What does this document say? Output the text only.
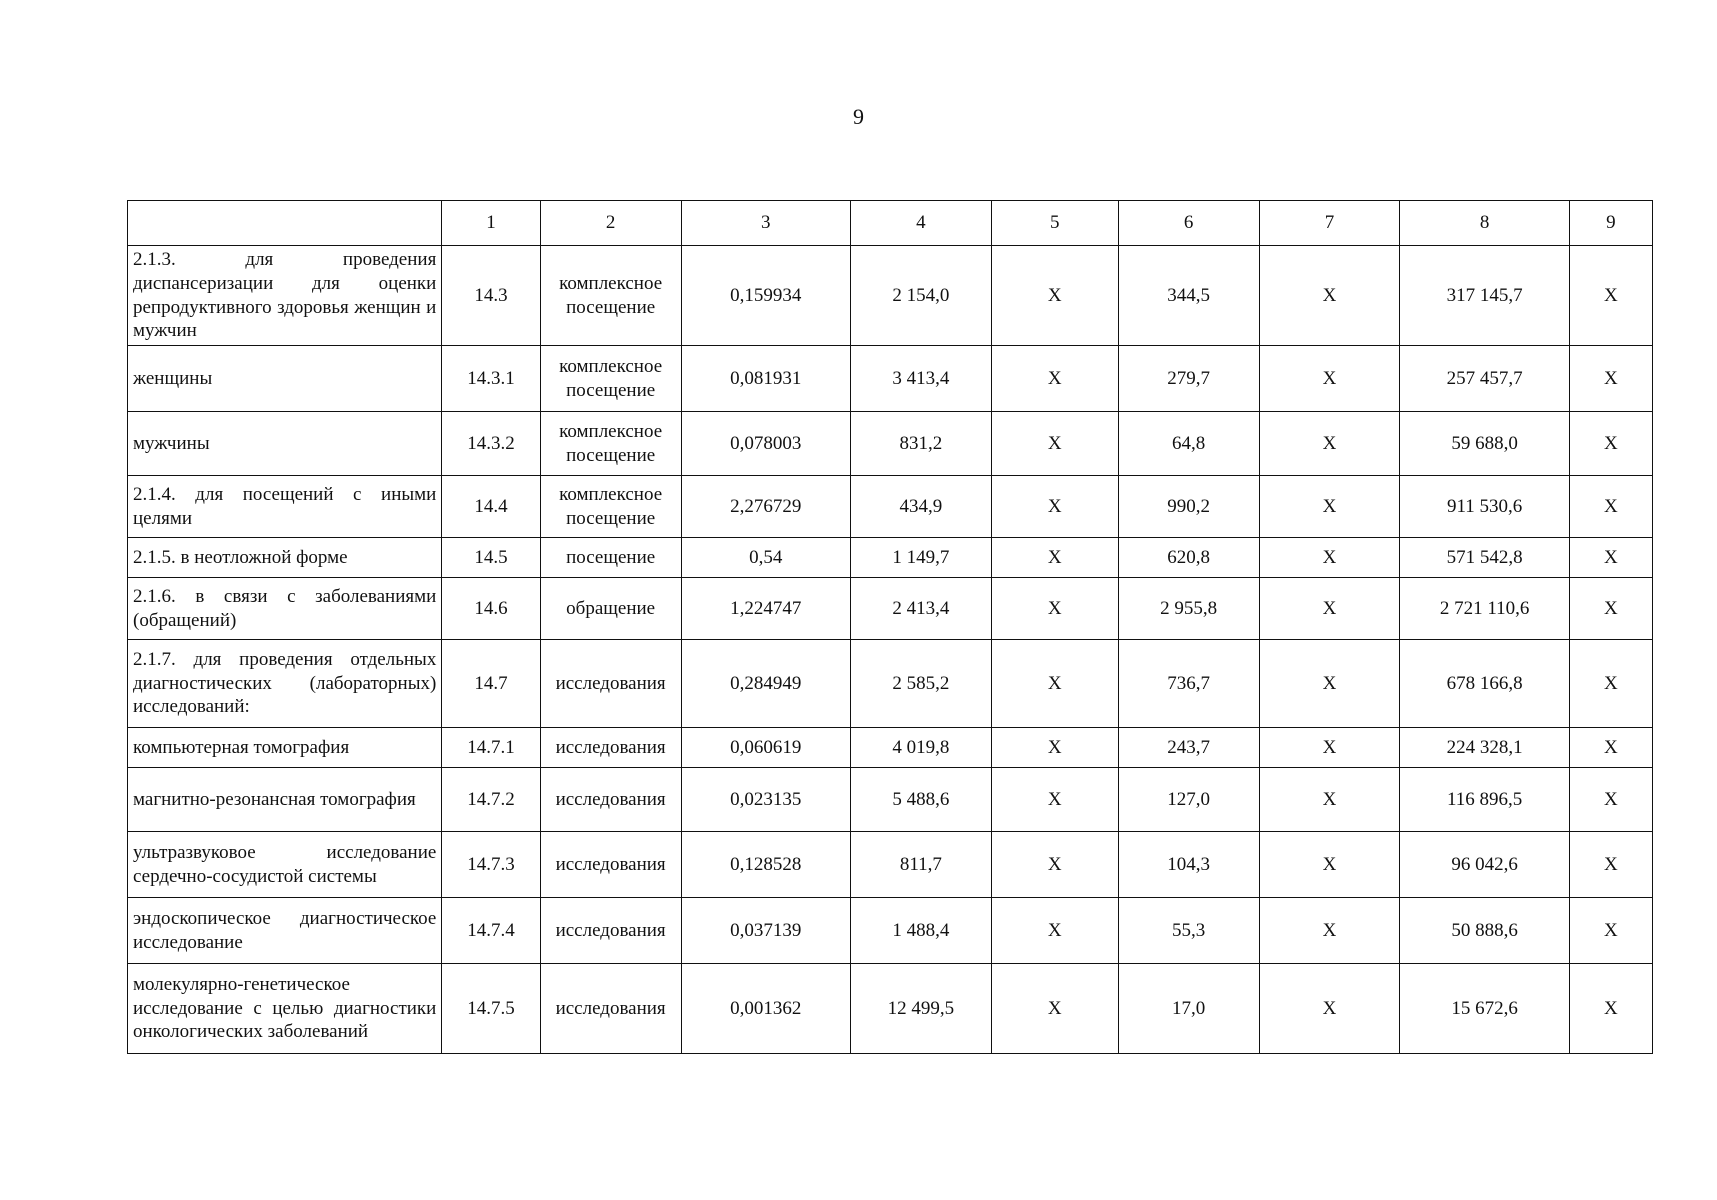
9
	1	2	3	4	5	6	7	8	9
2.1.3. для проведения диспансеризации для оценки репродуктивного здоровья женщин и мужчин	14.3	комплексное посещение	0,159934	2 154,0	X	344,5	X	317 145,7	X
женщины	14.3.1	комплексное посещение	0,081931	3 413,4	X	279,7	X	257 457,7	X
мужчины	14.3.2	комплексное посещение	0,078003	831,2	X	64,8	X	59 688,0	X
2.1.4. для посещений с иными целями	14.4	комплексное посещение	2,276729	434,9	X	990,2	X	911 530,6	X
2.1.5. в неотложной форме	14.5	посещение	0,54	1 149,7	X	620,8	X	571 542,8	X
2.1.6. в связи с заболеваниями (обращений)	14.6	обращение	1,224747	2 413,4	X	2 955,8	X	2 721 110,6	X
2.1.7. для проведения отдельных диагностических (лабораторных) исследований:	14.7	исследования	0,284949	2 585,2	X	736,7	X	678 166,8	X
компьютерная томография	14.7.1	исследования	0,060619	4 019,8	X	243,7	X	224 328,1	X
магнитно-резонансная томография	14.7.2	исследования	0,023135	5 488,6	X	127,0	X	116 896,5	X
ультразвуковое исследование сердечно-сосудистой системы	14.7.3	исследования	0,128528	811,7	X	104,3	X	96 042,6	X
эндоскопическое диагностическое исследование	14.7.4	исследования	0,037139	1 488,4	X	55,3	X	50 888,6	X
молекулярно-генетическое исследование с целью диагностики онкологических заболеваний	14.7.5	исследования	0,001362	12 499,5	X	17,0	X	15 672,6	X
